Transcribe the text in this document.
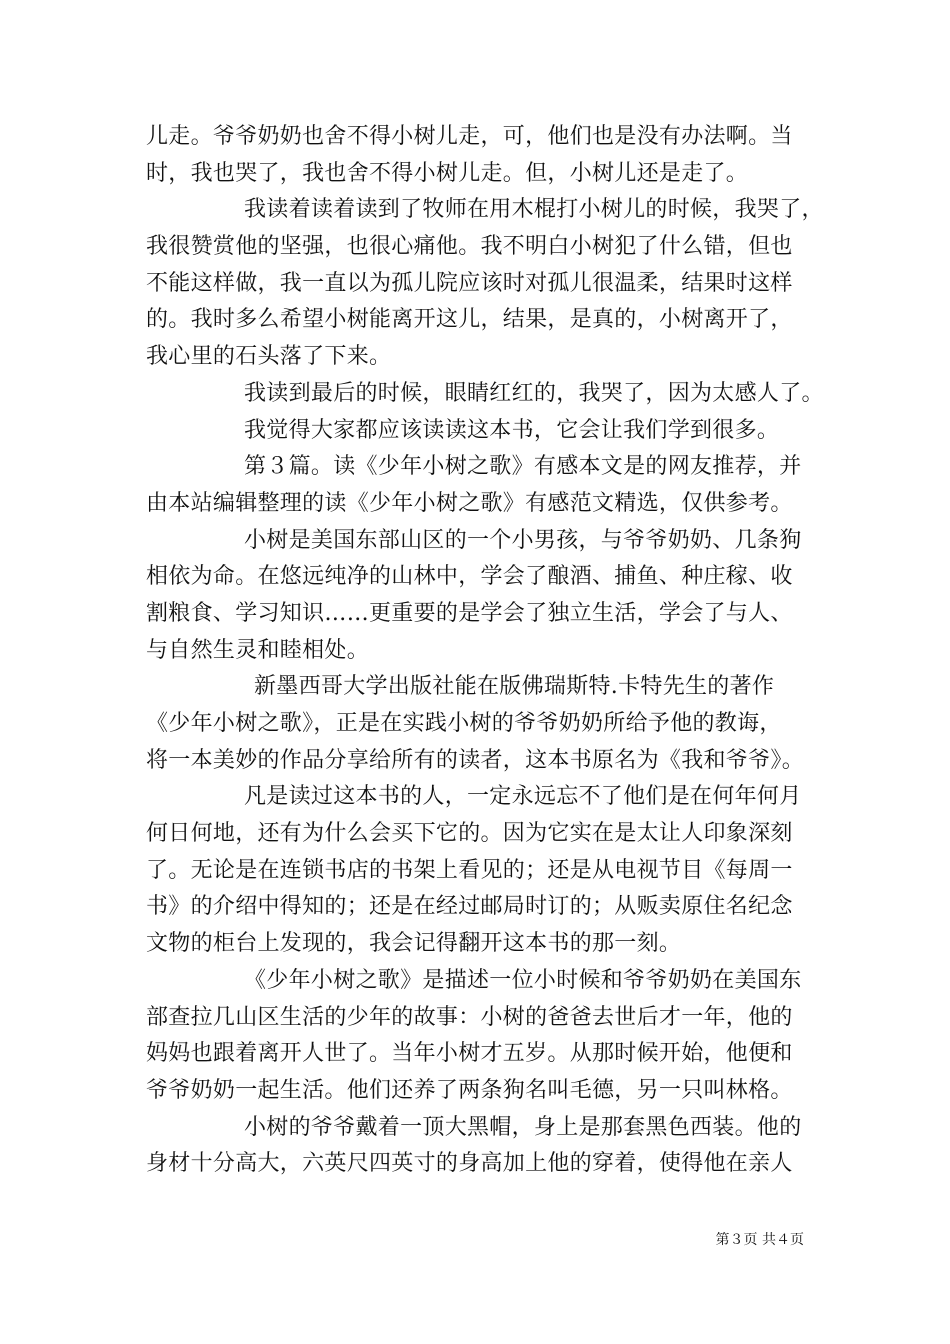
儿走。爷爷奶奶也舍不得小树儿走，可，他们也是没有办法啊。当
时，我也哭了，我也舍不得小树儿走。但，小树儿还是走了。
我读着读着读到了牧师在用木棍打小树儿的时候，我哭了，
我很赞赏他的坚强，也很心痛他。我不明白小树犯了什么错，但也
不能这样做，我一直以为孤儿院应该时对孤儿很温柔，结果时这样
的。我时多么希望小树能离开这儿，结果，是真的，小树离开了，
我心里的石头落了下来。
我读到最后的时候，眼睛红红的，我哭了，因为太感人了。
我觉得大家都应该读读这本书，它会让我们学到很多。
第３篇。读《少年小树之歌》有感本文是的网友推荐，并
由本站编辑整理的读《少年小树之歌》有感范文精选，仅供参考。
小树是美国东部山区的一个小男孩，与爷爷奶奶、几条狗
相依为命。在悠远纯净的山林中，学会了酿酒、捕鱼、种庄稼、收
割粮食、学习知识……更重要的是学会了独立生活，学会了与人、
与自然生灵和睦相处。
新墨西哥大学出版社能在版佛瑞斯特.卡特先生的著作
《少年小树之歌》，正是在实践小树的爷爷奶奶所给予他的教诲，
将一本美妙的作品分享给所有的读者，这本书原名为《我和爷爷》。
凡是读过这本书的人，一定永远忘不了他们是在何年何月
何日何地，还有为什么会买下它的。因为它实在是太让人印象深刻
了。无论是在连锁书店的书架上看见的；还是从电视节目《每周一
书》的介绍中得知的；还是在经过邮局时订的；从贩卖原住名纪念
文物的柜台上发现的，我会记得翻开这本书的那一刻。
《少年小树之歌》是描述一位小时候和爷爷奶奶在美国东
部查拉几山区生活的少年的故事：小树的爸爸去世后才一年，他的
妈妈也跟着离开人世了。当年小树才五岁。从那时候开始，他便和
爷爷奶奶一起生活。他们还养了两条狗名叫毛德，另一只叫林格。
小树的爷爷戴着一顶大黑帽，身上是那套黑色西装。他的
身材十分高大，六英尺四英寸的身高加上他的穿着，使得他在亲人
第３页 共４页
